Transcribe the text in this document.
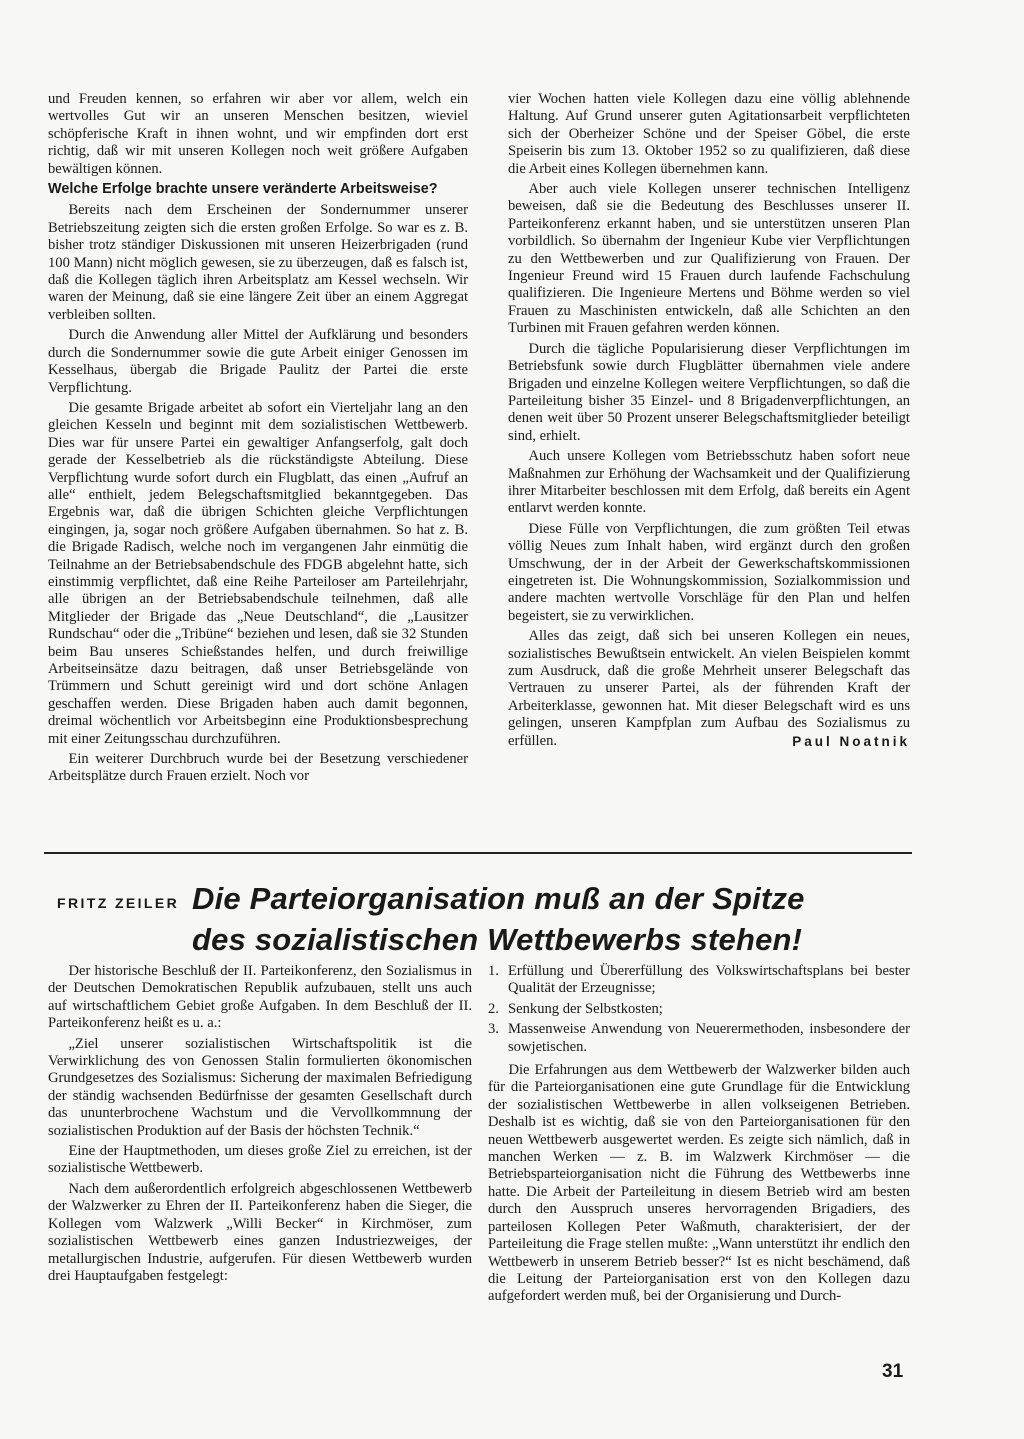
und Freuden kennen, so erfahren wir aber vor allem, welch ein wertvolles Gut wir an unseren Menschen besitzen, wieviel schöpferische Kraft in ihnen wohnt, und wir empfinden dort erst richtig, daß wir mit unseren Kollegen noch weit größere Aufgaben bewältigen können.

Welche Erfolge brachte unsere veränderte Arbeitsweise?

Bereits nach dem Erscheinen der Sondernummer unserer Betriebszeitung zeigten sich die ersten großen Erfolge. So war es z. B. bisher trotz ständiger Diskussionen mit unseren Heizerbrigaden (rund 100 Mann) nicht möglich gewesen, sie zu überzeugen, daß es falsch ist, daß die Kollegen täglich ihren Arbeitsplatz am Kessel wechseln. Wir waren der Meinung, daß sie eine längere Zeit über an einem Aggregat verbleiben sollten.

Durch die Anwendung aller Mittel der Aufklärung und besonders durch die Sondernummer sowie die gute Arbeit einiger Genossen im Kesselhaus, übergab die Brigade Paulitz der Partei die erste Verpflichtung.

Die gesamte Brigade arbeitet ab sofort ein Vierteljahr lang an den gleichen Kesseln und beginnt mit dem sozialistischen Wettbewerb. Dies war für unsere Partei ein gewaltiger Anfangserfolg, galt doch gerade der Kesselbetrieb als die rückständigste Abteilung. Diese Verpflichtung wurde sofort durch ein Flugblatt, das einen „Aufruf an alle“ enthielt, jedem Belegschaftsmitglied bekanntgegeben. Das Ergebnis war, daß die übrigen Schichten gleiche Verpflichtungen eingingen, ja, sogar noch größere Aufgaben übernahmen. So hat z. B. die Brigade Radisch, welche noch im vergangenen Jahr einmütig die Teilnahme an der Betriebsabendschule des FDGB abgelehnt hatte, sich einstimmig verpflichtet, daß eine Reihe Parteiloser am Parteilehrjahr, alle übrigen an der Betriebsabendschule teilnehmen, daß alle Mitglieder der Brigade das „Neue Deutschland“, die „Lausitzer Rundschau“ oder die „Tribüne“ beziehen und lesen, daß sie 32 Stunden beim Bau unseres Schießstandes helfen, und durch freiwillige Arbeitseinsätze dazu beitragen, daß unser Betriebsgelände von Trümmern und Schutt gereinigt wird und dort schöne Anlagen geschaffen werden. Diese Brigaden haben auch damit begonnen, dreimal wöchentlich vor Arbeitsbeginn eine Produktionsbesprechung mit einer Zeitungsschau durchzuführen.

Ein weiterer Durchbruch wurde bei der Besetzung verschiedener Arbeitsplätze durch Frauen erzielt. Noch vor

vier Wochen hatten viele Kollegen dazu eine völlig ablehnende Haltung. Auf Grund unserer guten Agitationsarbeit verpflichteten sich der Oberheizer Schöne und der Speiser Göbel, die erste Speiserin bis zum 13. Oktober 1952 so zu qualifizieren, daß diese die Arbeit eines Kollegen übernehmen kann.

Aber auch viele Kollegen unserer technischen Intelligenz beweisen, daß sie die Bedeutung des Beschlusses unserer II. Parteikonferenz erkannt haben, und sie unterstützen unseren Plan vorbildlich. So übernahm der Ingenieur Kube vier Verpflichtungen zu den Wettbewerben und zur Qualifizierung von Frauen. Der Ingenieur Freund wird 15 Frauen durch laufende Fachschulung qualifizieren. Die Ingenieure Mertens und Böhme werden so viel Frauen zu Maschinisten entwickeln, daß alle Schichten an den Turbinen mit Frauen gefahren werden können.

Durch die tägliche Popularisierung dieser Verpflichtungen im Betriebsfunk sowie durch Flugblätter übernahmen viele andere Brigaden und einzelne Kollegen weitere Verpflichtungen, so daß die Parteileitung bisher 35 Einzel- und 8 Brigadenverpflichtungen, an denen weit über 50 Prozent unserer Belegschaftsmitglieder beteiligt sind, erhielt.

Auch unsere Kollegen vom Betriebsschutz haben sofort neue Maßnahmen zur Erhöhung der Wachsamkeit und der Qualifizierung ihrer Mitarbeiter beschlossen mit dem Erfolg, daß bereits ein Agent entlarvt werden konnte.

Diese Fülle von Verpflichtungen, die zum größten Teil etwas völlig Neues zum Inhalt haben, wird ergänzt durch den großen Umschwung, der in der Arbeit der Gewerkschaftskommissionen eingetreten ist. Die Wohnungskommission, Sozialkommission und andere machten wertvolle Vorschläge für den Plan und helfen begeistert, sie zu verwirklichen.

Alles das zeigt, daß sich bei unseren Kollegen ein neues, sozialistisches Bewußtsein entwickelt. An vielen Beispielen kommt zum Ausdruck, daß die große Mehrheit unserer Belegschaft das Vertrauen zu unserer Partei, als der führenden Kraft der Arbeiterklasse, gewonnen hat. Mit dieser Belegschaft wird es uns gelingen, unseren Kampfplan zum Aufbau des Sozialismus zu erfüllen.	Paul Noatnik

FRITZ ZEILER Die Parteiorganisation muß an der Spitze
des sozialistischen Wettbewerbs stehen!

Der historische Beschluß der II. Parteikonferenz, den Sozialismus in der Deutschen Demokratischen Republik aufzubauen, stellt uns auch auf wirtschaftlichem Gebiet große Aufgaben. In dem Beschluß der II. Parteikonferenz heißt es u. a.:

„Ziel unserer sozialistischen Wirtschaftspolitik ist die Verwirklichung des von Genossen Stalin formulierten ökonomischen Grundgesetzes des Sozialismus: Sicherung der maximalen Befriedigung der ständig wachsenden Bedürfnisse der gesamten Gesellschaft durch das ununterbrochene Wachstum und die Vervollkommnung der sozialistischen Produktion auf der Basis der höchsten Technik.“

Eine der Hauptmethoden, um dieses große Ziel zu erreichen, ist der sozialistische Wettbewerb.

Nach dem außerordentlich erfolgreich abgeschlossenen Wettbewerb der Walzwerker zu Ehren der II. Parteikonferenz haben die Sieger, die Kollegen vom Walzwerk „Willi Becker“ in Kirchmöser, zum sozialistischen Wettbewerb eines ganzen Industriezweiges, der metallurgischen Industrie, aufgerufen. Für diesen Wettbewerb wurden drei Hauptaufgaben festgelegt:

1. Erfüllung und Übererfüllung des Volkswirtschaftsplans bei bester Qualität der Erzeugnisse;
2. Senkung der Selbstkosten;
3. Massenweise Anwendung von Neuerermethoden, insbesondere der sowjetischen.

Die Erfahrungen aus dem Wettbewerb der Walzwerker bilden auch für die Parteiorganisationen eine gute Grundlage für die Entwicklung der sozialistischen Wettbewerbe in allen volkseigenen Betrieben. Deshalb ist es wichtig, daß sie von den Parteiorganisationen für den neuen Wettbewerb ausgewertet werden. Es zeigte sich nämlich, daß in manchen Werken — z. B. im Walzwerk Kirchmöser — die Betriebsparteiorganisation nicht die Führung des Wettbewerbs inne hatte. Die Arbeit der Parteileitung in diesem Betrieb wird am besten durch den Ausspruch unseres hervorragenden Brigadiers, des parteilosen Kollegen Peter Waßmuth, charakterisiert, der der Parteileitung die Frage stellen mußte: „Wann unterstützt ihr endlich den Wettbewerb in unserem Betrieb besser?“ Ist es nicht beschämend, daß die Leitung der Parteiorganisation erst von den Kollegen dazu aufgefordert werden muß, bei der Organisierung und Durch-

31
